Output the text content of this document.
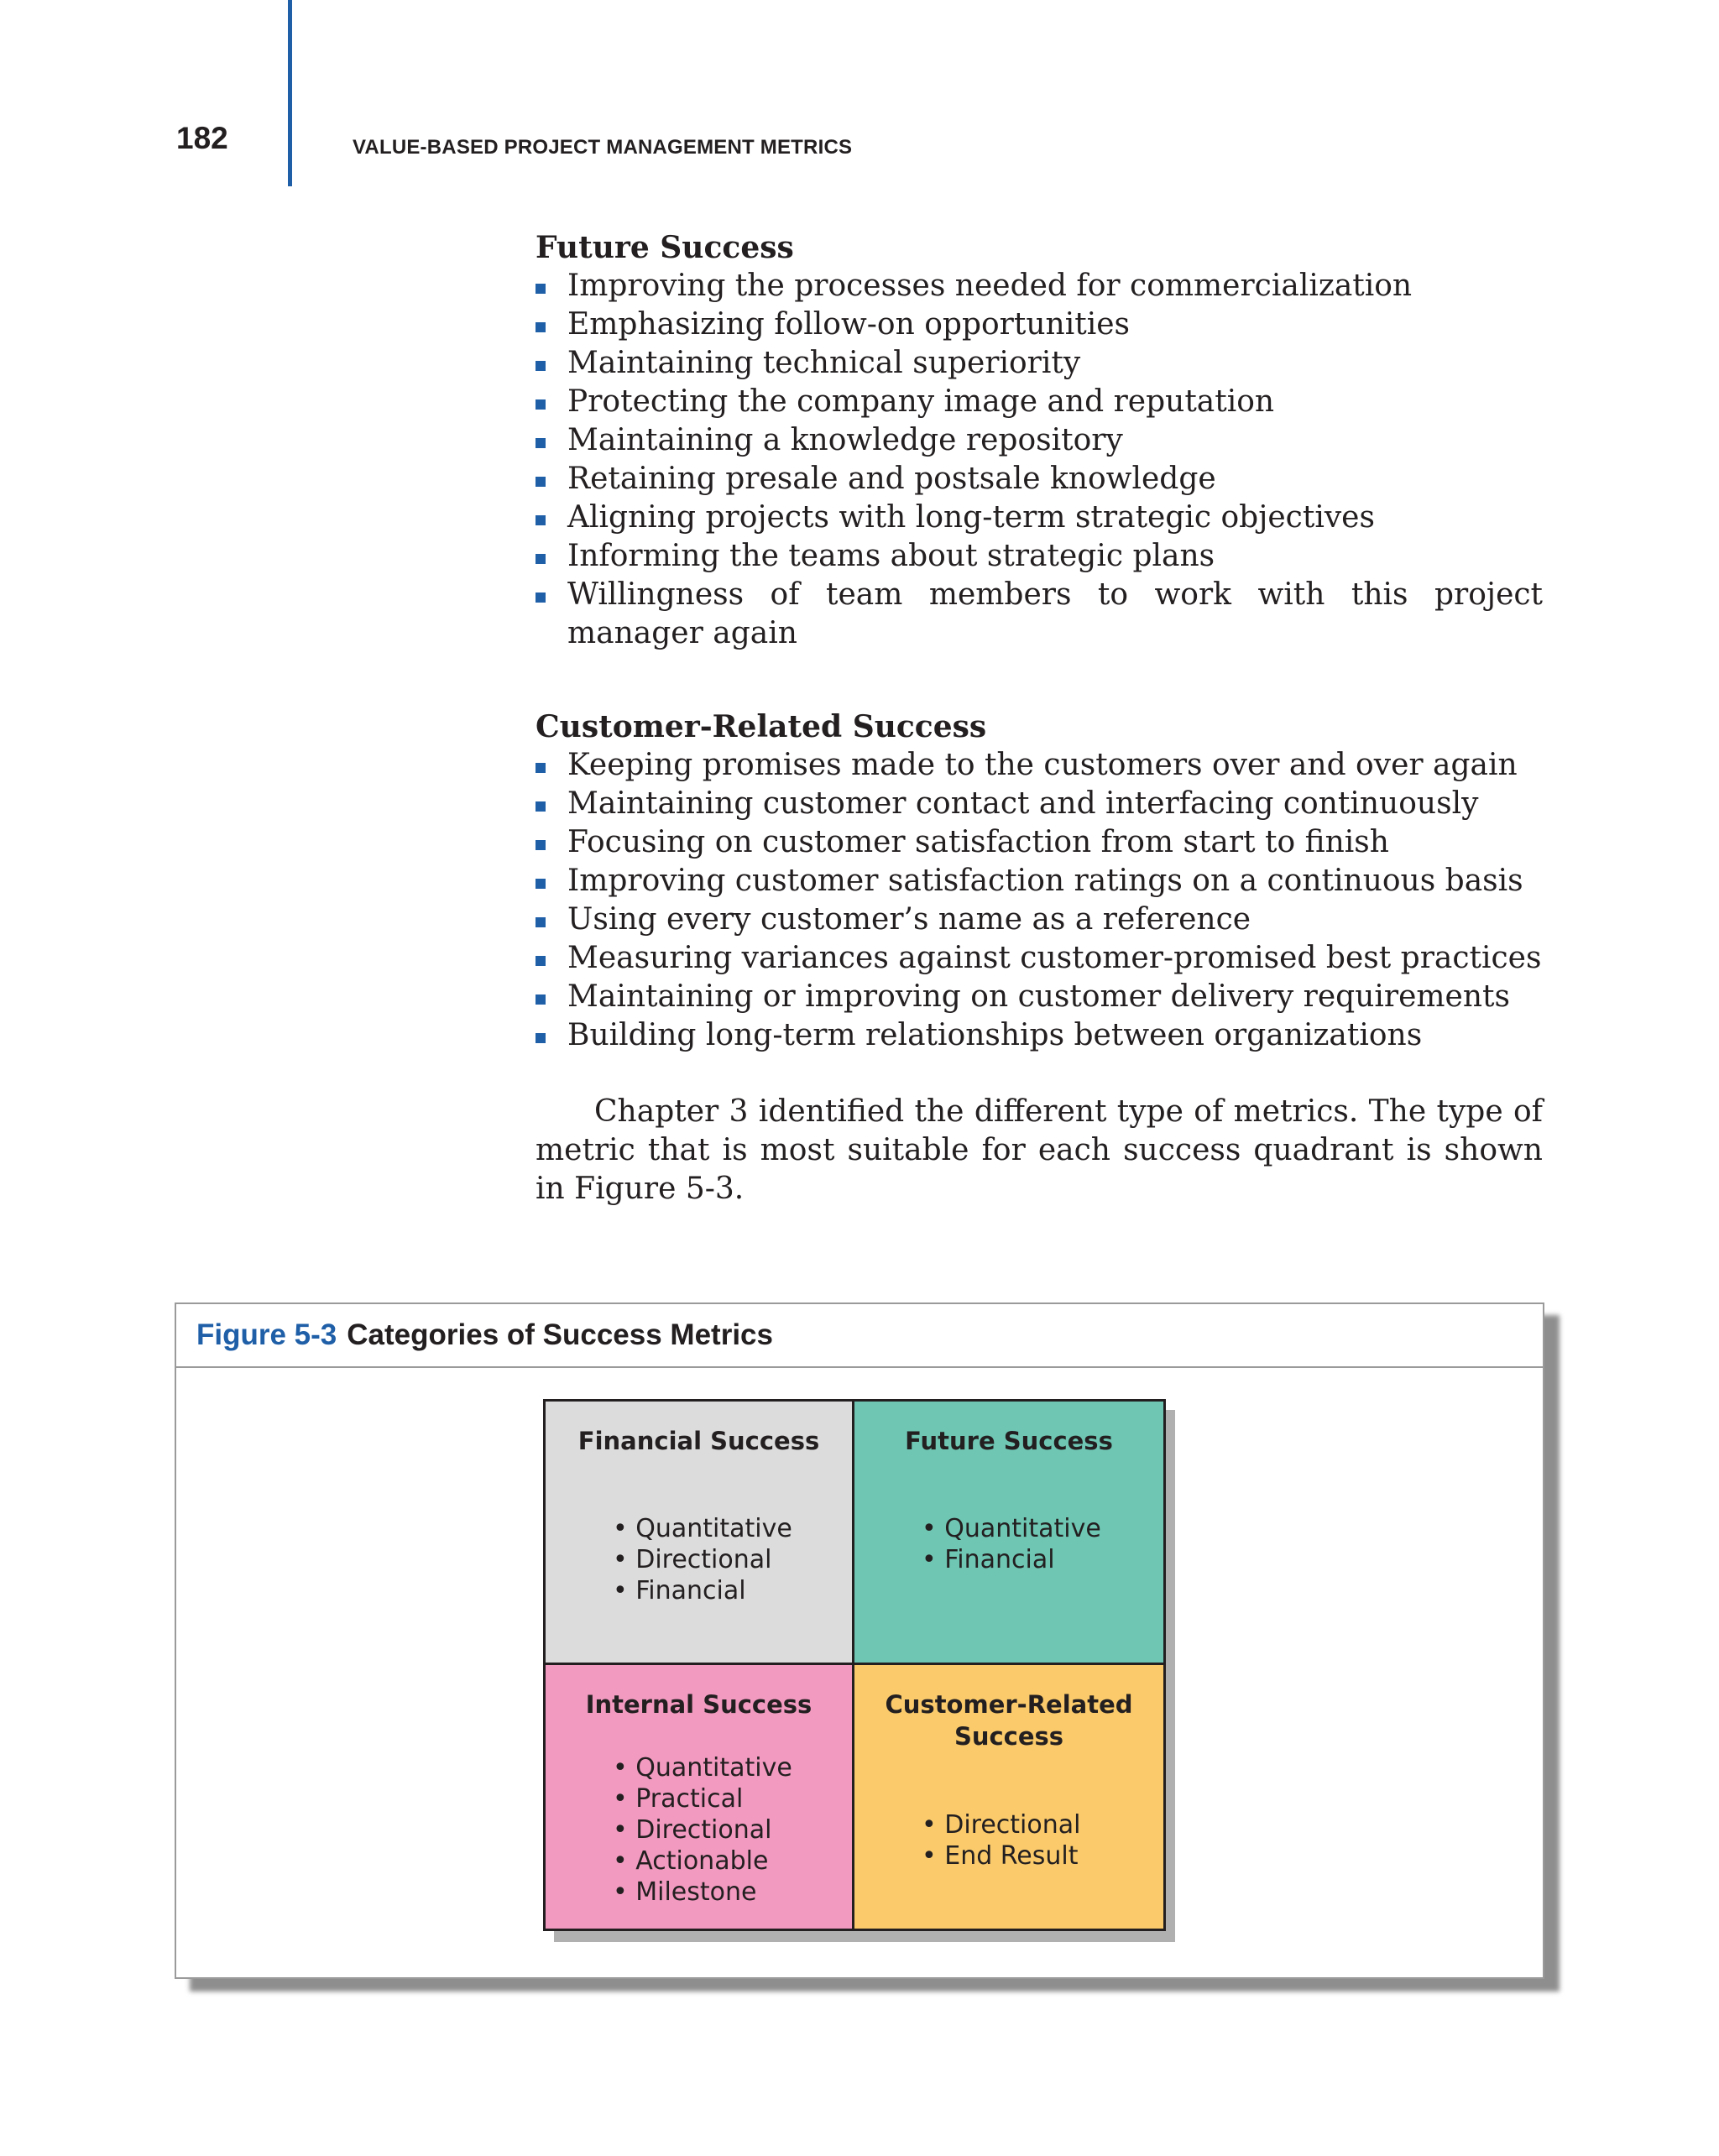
182	VALUE-BASED PROJECT MANAGEMENT METRICS

Future Success

Improving the processes needed for commercialization
Emphasizing follow-on opportunities
Maintaining technical superiority
Protecting the company image and reputation
Maintaining a knowledge repository
Retaining presale and postsale knowledge
Aligning projects with long-term strategic objectives
Informing the teams about strategic plans
Willingness of team members to work with this project manager again

Customer-Related Success

Keeping promises made to the customers over and over again
Maintaining customer contact and interfacing continuously
Focusing on customer satisfaction from start to finish
Improving customer satisfaction ratings on a continuous basis
Using every customer’s name as a reference
Measuring variances against customer-promised best practices
Maintaining or improving on customer delivery requirements
Building long-term relationships between organizations

Chapter 3 identified the different type of metrics. The type of metric that is most suitable for each success quadrant is shown in Figure 5-3.

Figure 5-3 Categories of Success Metrics
Financial Success
• Quantitative
• Directional
• Financial
Future Success
• Quantitative
• Financial
Internal Success
• Quantitative
• Practical
• Directional
• Actionable
• Milestone
Customer-Related
Success
• Directional
• End Result
